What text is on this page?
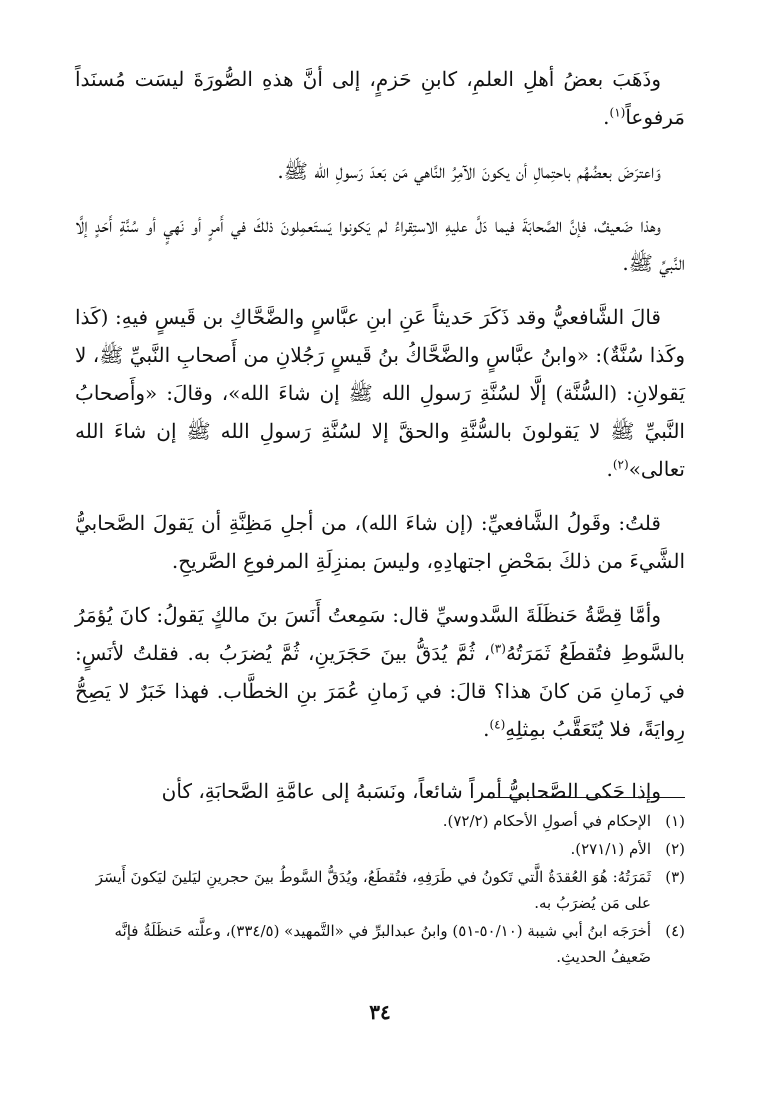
وذَهَبَ بعضُ أهلِ العلمِ، كابنِ حَزمٍ، إلى أنَّ هذهِ الصُّورَةَ ليسَت مُسنَداً مَرفوعاً$^{(١)}$.

وَاعترَضَ بعضُهُم باحتِمالِ أن يكونَ الآمِرُ النَّاهي مَن بَعدَ رَسولِ الله ﷺ.

وهذا ضَعيفٌ، فإنَّ الصَّحابَةَ فيما دَلَّ عليهِ الاستِقراءُ لم يَكونوا يَستَعمِلونَ ذلكَ في أَمرٍ أو نَهيٍ أو سُنَّةِ أَحَدٍ إلَّا النَّبيِّ ﷺ.

قالَ الشَّافعيُّ وقد ذَكَرَ حَديثاً عَنِ ابنِ عبَّاسٍ والضَّحَّاكِ بن قَيسٍ فيهِ: (كَذا وكَذا سُنَّةٌ): «وابنُ عبَّاسٍ والضَّحَّاكُ بنُ قَيسٍ رَجُلانِ من أَصحابِ النَّبيِّ ﷺ، لا يَقولانِ: (السُّنَّة) إلَّا لسُنَّةِ رَسولِ الله ﷺ إن شاءَ الله»، وقالَ: «وأَصحابُ النَّبيِّ ﷺ لا يَقولونَ بالسُّنَّةِ والحقَّ إلا لسُنَّةِ رَسولِ الله ﷺ إن شاءَ الله تعالى»$^{(٢)}$.

قلتُ: وقَولُ الشَّافعيِّ: (إن شاءَ الله)، من أجلِ مَظِنَّةِ أن يَقولَ الصَّحابيُّ الشَّيءَ من ذلكَ بمَحْضِ اجتهادِهِ، وليسَ بمنزِلَةِ المرفوعِ الصَّريحِ.

وأمَّا قِصَّةُ حَنظَلَةَ السَّدوسيِّ قال: سَمِعتُ أَنَسَ بنَ مالكٍ يَقولُ: كانَ يُؤمَرُ بالسَّوطِ فتُقطَعُ ثَمَرَتُهُ$^{(٣)}$، ثُمَّ يُدَقُّ بينَ حَجَرَينِ، ثُمَّ يُضرَبُ به. فقلتُ لأنَسٍ: في زَمانِ مَن كانَ هذا؟ قالَ: في زَمانِ عُمَرَ بنِ الخطَّاب. فهذا خَبَرٌ لا يَصِحُّ رِوايَةً، فلا يُتَعَقَّبُ بمِثلِهِ$^{(٤)}$.

وإذا حَكى الصَّحابيُّ أمراً شائعاً، ونَسَبهُ إلى عامَّةِ الصَّحابَةِ، كأن

(١)
الإحكام في أصولِ الأحكام (٧٢/٢).
(٢)
الأم (٢٧١/١).
(٣)
ثَمَرَتُهُ: هُوَ العُقدَةُ الَّتي تَكونُ في طَرَفِهِ، فتُقطَعُ، ويُدَقُّ السَّوطُ بينَ حجرينِ ليَلينَ ليَكونَ أَيسَرَ على مَن يُضرَبُ به.
(٤)
أخرَجَه ابنُ أبي شيبة (٥٠/١٠-٥١) وابنُ عبدالبرِّ في «التَّمهيد» (٣٣٤/٥)، وعلَّته حَنظَلَةُ فإنَّه ضَعيفُ الحديثِ.
٣٤
